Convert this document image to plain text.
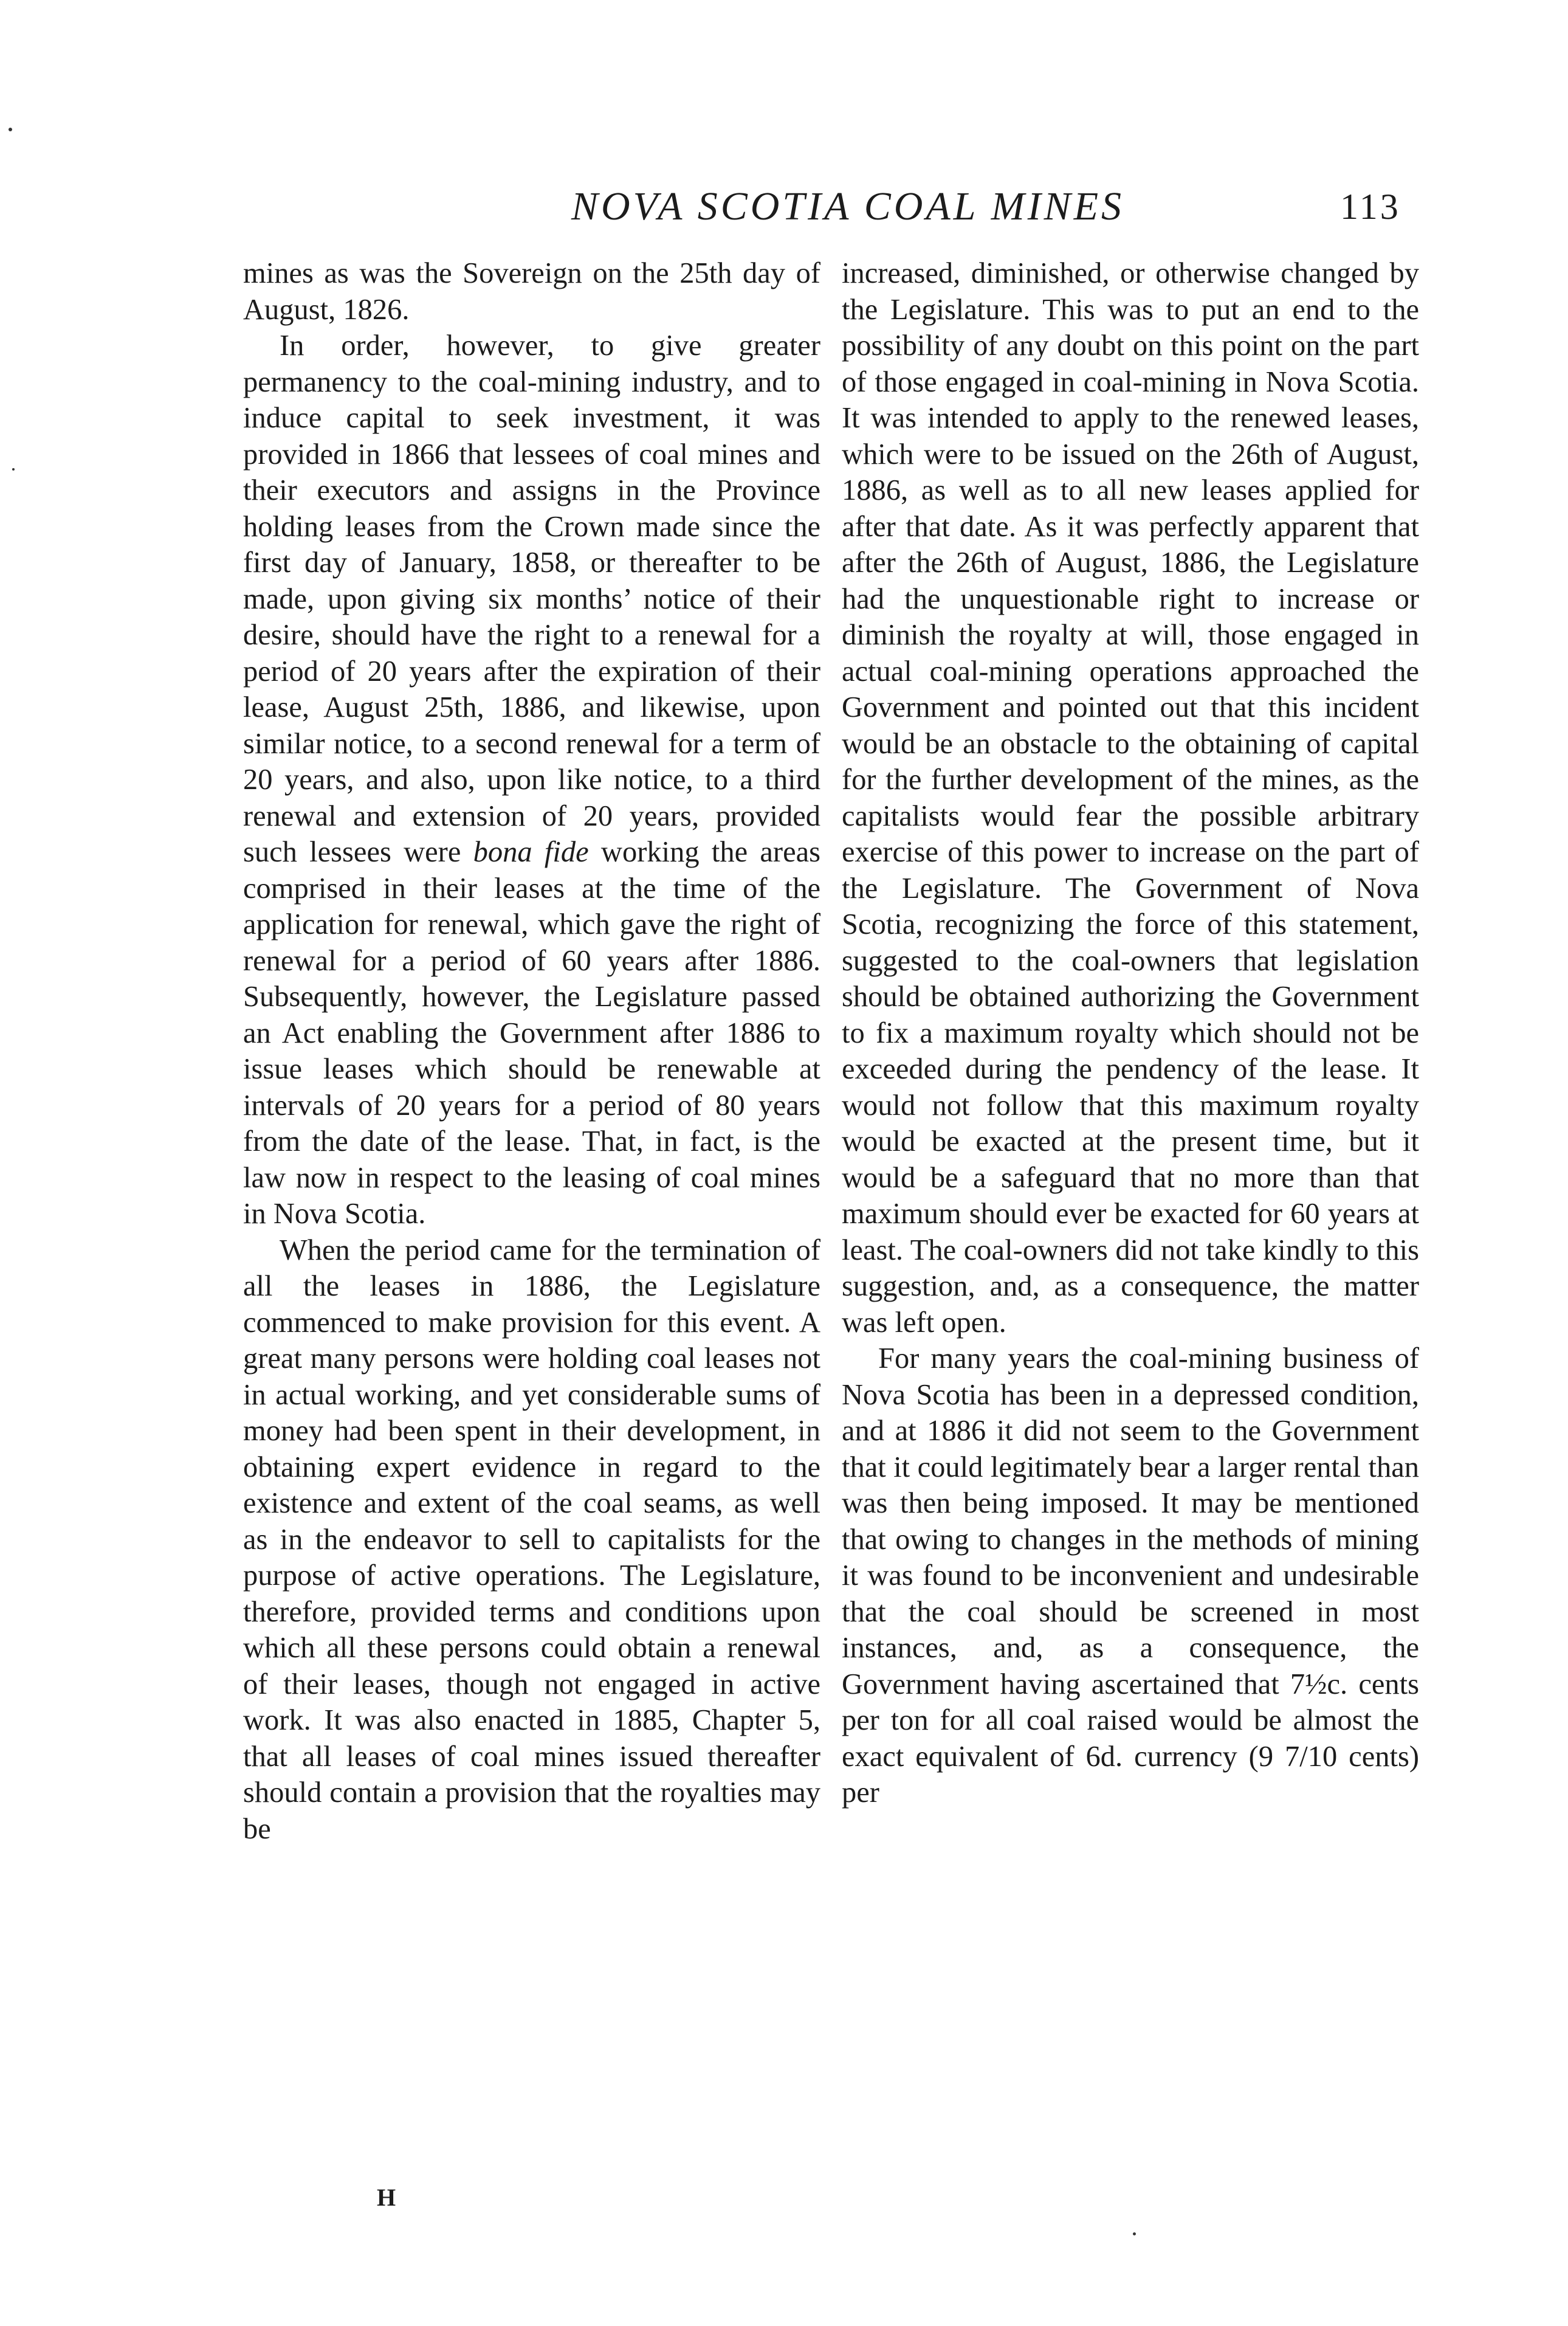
NOVA SCOTIA COAL MINES	113

mines as was the Sovereign on the 25th day of August, 1826.

In order, however, to give greater permanency to the coal-mining industry, and to induce capital to seek investment, it was provided in 1866 that lessees of coal mines and their executors and assigns in the Province holding leases from the Crown made since the first day of January, 1858, or thereafter to be made, upon giving six months’ notice of their desire, should have the right to a renewal for a period of 20 years after the expiration of their lease, August 25th, 1886, and likewise, upon similar notice, to a second renewal for a term of 20 years, and also, upon like notice, to a third renewal and extension of 20 years, provided such lessees were bona fide working the areas comprised in their leases at the time of the application for renewal, which gave the right of renewal for a period of 60 years after 1886. Subsequently, however, the Legislature passed an Act enabling the Government after 1886 to issue leases which should be renewable at intervals of 20 years for a period of 80 years from the date of the lease. That, in fact, is the law now in respect to the leasing of coal mines in Nova Scotia.

When the period came for the termination of all the leases in 1886, the Legislature commenced to make provision for this event. A great many persons were holding coal leases not in actual working, and yet considerable sums of money had been spent in their development, in obtaining expert evidence in regard to the existence and extent of the coal seams, as well as in the endeavor to sell to capitalists for the purpose of active operations. The Legislature, therefore, provided terms and conditions upon which all these persons could obtain a renewal of their leases, though not engaged in active work. It was also enacted in 1885, Chapter 5, that all leases of coal mines issued thereafter should contain a provision that the royalties may be

increased, diminished, or otherwise changed by the Legislature. This was to put an end to the possibility of any doubt on this point on the part of those engaged in coal-mining in Nova Scotia. It was intended to apply to the renewed leases, which were to be issued on the 26th of August, 1886, as well as to all new leases applied for after that date. As it was perfectly apparent that after the 26th of August, 1886, the Legislature had the unquestionable right to increase or diminish the royalty at will, those engaged in actual coal-mining operations approached the Government and pointed out that this incident would be an obstacle to the obtaining of capital for the further development of the mines, as the capitalists would fear the possible arbitrary exercise of this power to increase on the part of the Legislature. The Government of Nova Scotia, recognizing the force of this statement, suggested to the coal-owners that legislation should be obtained authorizing the Government to fix a maximum royalty which should not be exceeded during the pendency of the lease. It would not follow that this maximum royalty would be exacted at the present time, but it would be a safeguard that no more than that maximum should ever be exacted for 60 years at least. The coal-owners did not take kindly to this suggestion, and, as a consequence, the matter was left open.

For many years the coal-mining business of Nova Scotia has been in a depressed condition, and at 1886 it did not seem to the Government that it could legitimately bear a larger rental than was then being imposed. It may be mentioned that owing to changes in the methods of mining it was found to be inconvenient and undesirable that the coal should be screened in most instances, and, as a consequence, the Government having ascertained that 7½c. cents per ton for all coal raised would be almost the exact equivalent of 6d. currency (9 7/10 cents) per

H
